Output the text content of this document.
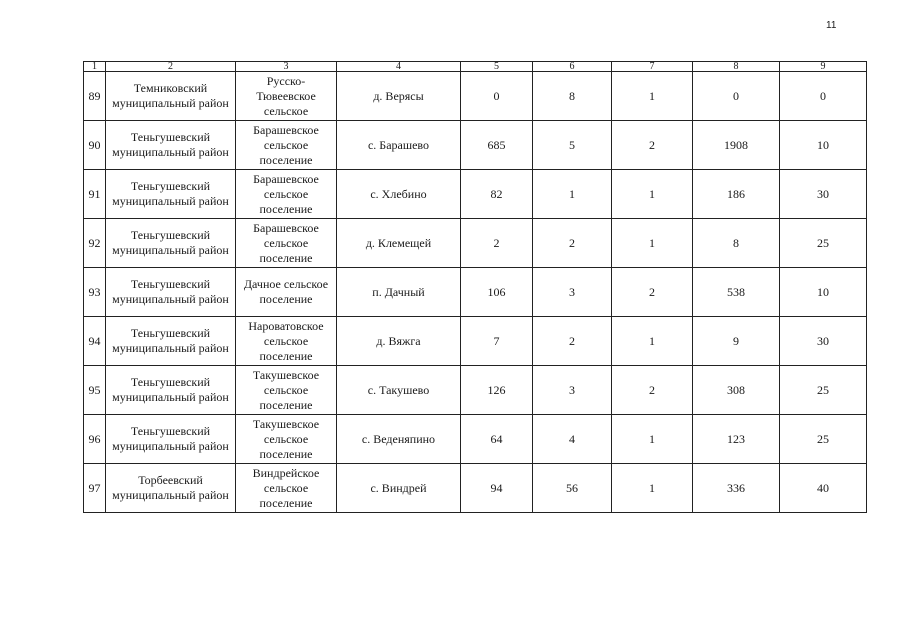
11
1	2	3	4	5	6	7	8	9
89	Темниковский муниципальный район	Русско-Тювеевское сельское	д. Верясы	0	8	1	0	0
90	Теньгушевский муниципальный район	Барашевское сельское поселение	с. Барашево	685	5	2	1908	10
91	Теньгушевский муниципальный район	Барашевское сельское поселение	с. Хлебино	82	1	1	186	30
92	Теньгушевский муниципальный район	Барашевское сельское поселение	д. Клемещей	2	2	1	8	25
93	Теньгушевский муниципальный район	Дачное сельское поселение	п. Дачный	106	3	2	538	10
94	Теньгушевский муниципальный район	Нароватовское сельское поселение	д. Вяжга	7	2	1	9	30
95	Теньгушевский муниципальный район	Такушевское сельское поселение	с. Такушево	126	3	2	308	25
96	Теньгушевский муниципальный район	Такушевское сельское поселение	с. Веденяпино	64	4	1	123	25
97	Торбеевский муниципальный район	Виндрейское сельское поселение	с. Виндрей	94	56	1	336	40
